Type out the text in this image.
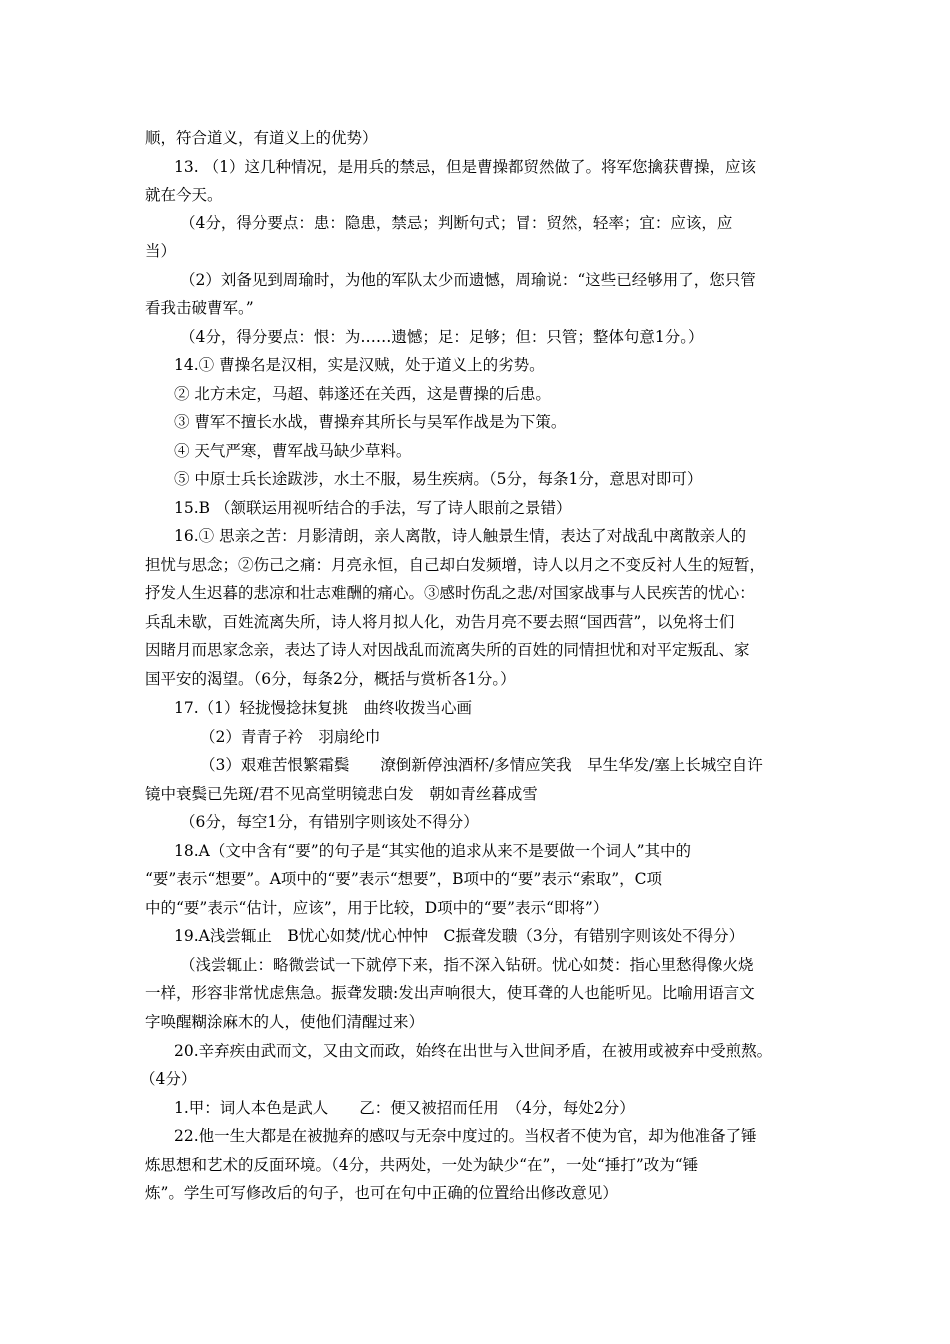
顺，符合道义，有道义上的优势）
13. （1）这几种情况，是用兵的禁忌，但是曹操都贸然做了。将军您擒获曹操，应该
就在今天。
（4分，得分要点：患：隐患，禁忌；判断句式；冒：贸然，轻率；宜：应该，应
当）
（2）刘备见到周瑜时，为他的军队太少而遗憾，周瑜说：“这些已经够用了，您只管
看我击破曹军。”
（4分，得分要点：恨：为……遗憾；足：足够；但：只管；整体句意1分。）
14.① 曹操名是汉相，实是汉贼，处于道义上的劣势。
② 北方未定，马超、韩遂还在关西，这是曹操的后患。
③ 曹军不擅长水战，曹操弃其所长与吴军作战是为下策。
④ 天气严寒，曹军战马缺少草料。
⑤ 中原士兵长途跋涉，水土不服，易生疾病。（5分，每条1分，意思对即可）
15.B （颔联运用视听结合的手法，写了诗人眼前之景错）
16.① 思亲之苦：月影清朗，亲人离散，诗人触景生情，表达了对战乱中离散亲人的
担忧与思念；②伤己之痛：月亮永恒，自己却白发频增，诗人以月之不变反衬人生的短暂，
抒发人生迟暮的悲凉和壮志难酬的痛心。③感时伤乱之悲/对国家战事与人民疾苦的忧心：
兵乱未歇，百姓流离失所，诗人将月拟人化，劝告月亮不要去照“国西营”，以免将士们
因睹月而思家念亲，表达了诗人对因战乱而流离失所的百姓的同情担忧和对平定叛乱、家
国平安的渴望。（6分，每条2分，概括与赏析各1分。）
17.（1）轻拢慢捻抹复挑　曲终收拨当心画
（2）青青子衿　羽扇纶巾
（3）艰难苦恨繁霜鬓　　潦倒新停浊酒杯/多情应笑我　早生华发/塞上长城空自许
镜中衰鬓已先斑/君不见高堂明镜悲白发　朝如青丝暮成雪
（6分，每空1分，有错别字则该处不得分）
18.A（文中含有“要”的句子是“其实他的追求从来不是要做一个词人”其中的
“要”表示“想要”。A项中的“要”表示“想要”，B项中的“要”表示“索取”，C项
中的“要”表示“估计，应该”，用于比较，D项中的“要”表示“即将”）
19.A浅尝辄止　B忧心如焚/忧心忡忡　C振聋发聩（3分，有错别字则该处不得分）
（浅尝辄止：略微尝试一下就停下来，指不深入钻研。忧心如焚：指心里愁得像火烧
一样，形容非常忧虑焦急。振聋发聩:发出声响很大，使耳聋的人也能听见。比喻用语言文
字唤醒糊涂麻木的人，使他们清醒过来）
20.辛弃疾由武而文，又由文而政，始终在出世与入世间矛盾，在被用或被弃中受煎熬。
（4分）
1.甲：词人本色是武人　　乙：便又被招而任用　（4分，每处2分）
22.他一生大都是在被抛弃的感叹与无奈中度过的。当权者不使为官，却为他准备了锤
炼思想和艺术的反面环境。（4分，共两处，一处为缺少“在”，一处“捶打”改为“锤
炼”。学生可写修改后的句子，也可在句中正确的位置给出修改意见）
